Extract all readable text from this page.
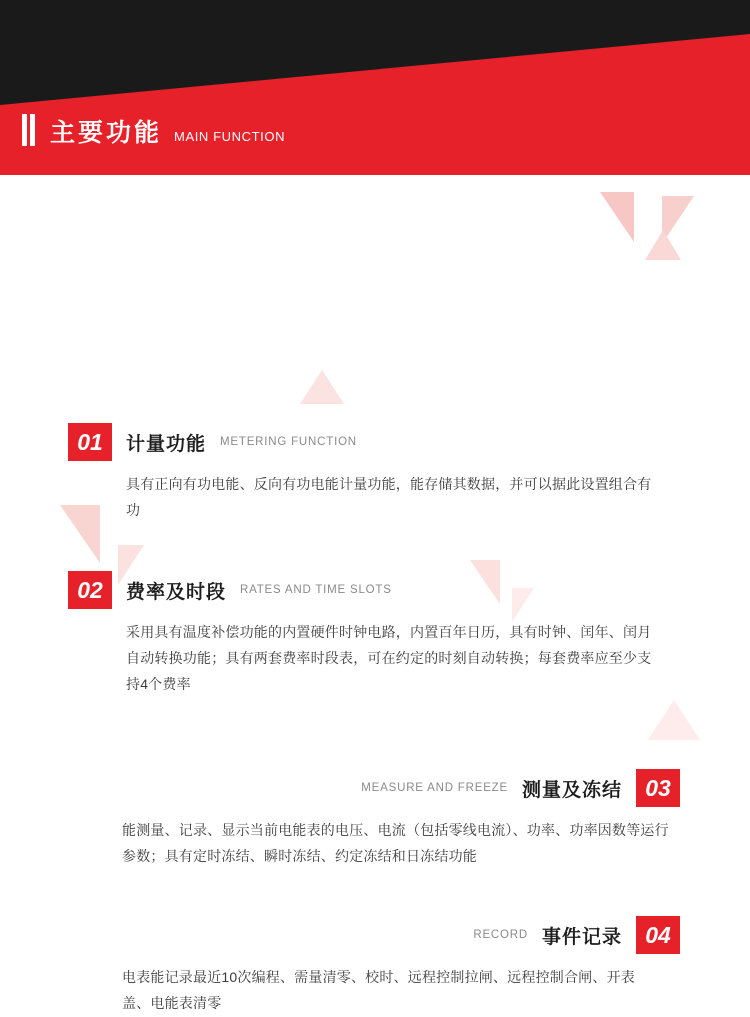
主要功能 MAIN FUNCTION
01	计量功能 METERING FUNCTION
具有正向有功电能、反向有功电能计量功能，能存储其数据，并可以据此设置组合有功
02	费率及时段 RATES AND TIME SLOTS
采用具有温度补偿功能的内置硬件时钟电路，内置百年日历，具有时钟、闰年、闰月自动转换功能；具有两套费率时段表，可在约定的时刻自动转换；每套费率应至少支持4个费率
MEASURE AND FREEZE 测量及冻结	03
能测量、记录、显示当前电能表的电压、电流（包括零线电流）、功率、功率因数等运行参数；具有定时冻结、瞬时冻结、约定冻结和日冻结功能
RECORD 事件记录	04
电表能记录最近10次编程、需量清零、校时、远程控制拉闸、远程控制合闸、开表盖、电能表清零
